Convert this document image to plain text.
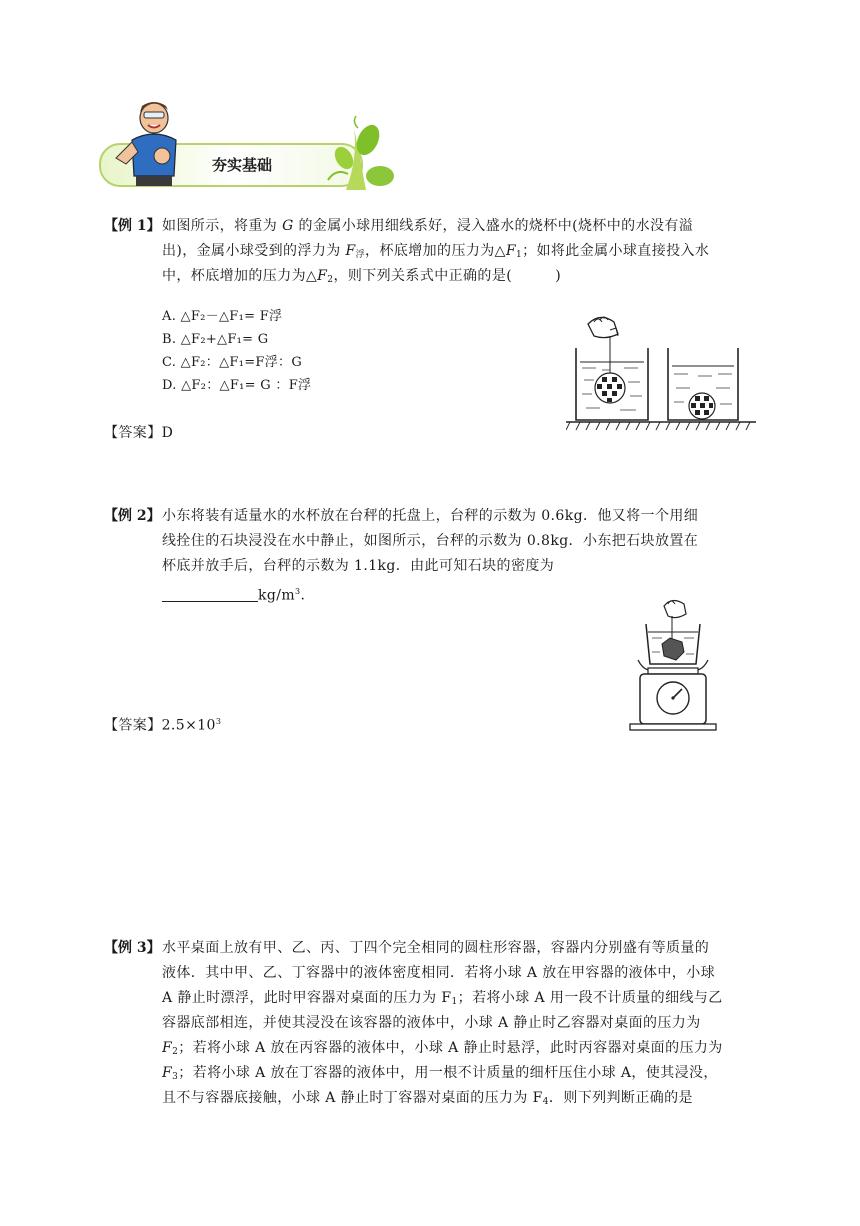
夯实基础
【例 1】 如图所示，将重为 G 的金属小球用细线系好，浸入盛水的烧杯中(烧杯中的水没有溢
出)，金属小球受到的浮力为 $F_浮$，杯底增加的压力为$\triangle F_1$；如将此金属小球直接投入水
中，杯底增加的压力为$\triangle F_2$，则下列关系式中正确的是(　　　)
A. △F₂－△F₁= F浮
B. △F₂+△F₁= G
C. △F₂：△F₁=F浮：G
D. △F₂：△F₁= G ：F浮
【答案】D
【例 2】 小东将装有适量水的水杯放在台秤的托盘上，台秤的示数为 0.6kg．他又将一个用细
线拴住的石块浸没在水中静止，如图所示，台秤的示数为 0.8kg．小东把石块放置在
杯底并放手后，台秤的示数为 1.1kg．由此可知石块的密度为
$kg/m^3$.
【答案】$2.5\times 10^3$
【例 3】 水平桌面上放有甲、乙、丙、丁四个完全相同的圆柱形容器，容器内分别盛有等质量的
液体．其中甲、乙、丁容器中的液体密度相同．若将小球 A 放在甲容器的液体中，小球
A 静止时漂浮，此时甲容器对桌面的压力为 $F_1$；若将小球 A 用一段不计质量的细线与乙
容器底部相连，并使其浸没在该容器的液体中，小球 A 静止时乙容器对桌面的压力为
$F_2$；若将小球 A 放在丙容器的液体中，小球 A 静止时悬浮，此时丙容器对桌面的压力为
$F_3$；若将小球 A 放在丁容器的液体中，用一根不计质量的细杆压住小球 A，使其浸没，
且不与容器底接触，小球 A 静止时丁容器对桌面的压力为 $F_4$．则下列判断正确的是
